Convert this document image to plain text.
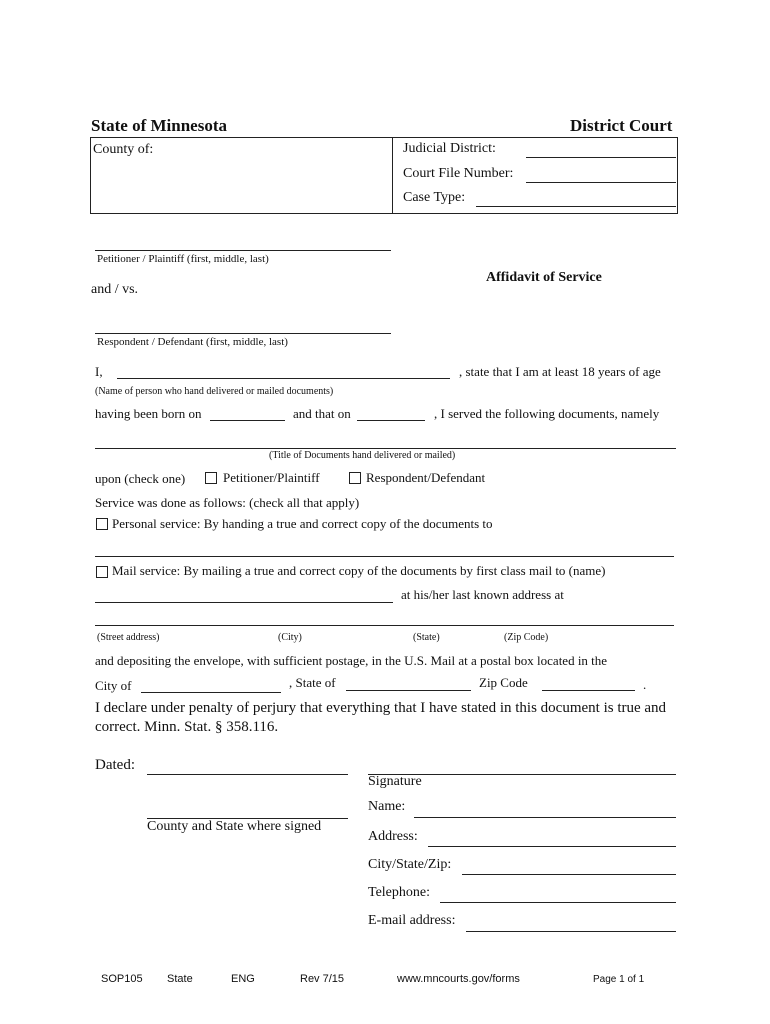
State of Minnesota	District Court
County of:	Judicial District:
Court File Number:
Case Type:
Petitioner / Plaintiff (first, middle, last)
Affidavit of Service
and / vs.
Respondent / Defendant (first, middle, last)
I,	, state that I am at least 18 years of age
(Name of person who hand delivered or mailed documents)
having been born on	and that on	, I served the following documents, namely
(Title of Documents hand delivered or mailed)
upon (check one)	Petitioner/Plaintiff	Respondent/Defendant
Service was done as follows: (check all that apply)
Personal service: By handing a true and correct copy of the documents to
Mail service: By mailing a true and correct copy of the documents by first class mail to (name)
at his/her last known address at
(Street address)	(City)	(State)	(Zip Code)
and depositing the envelope, with sufficient postage, in the U.S. Mail at a postal box located in the
City of	, State of	Zip Code	.
I declare under penalty of perjury that everything that I have stated in this document is true and
correct. Minn. Stat. § 358.116.
Dated:
Signature
Name:
County and State where signed
Address:
City/State/Zip:
Telephone:
E-mail address:
SOP105 State	ENG	Rev 7/15	www.mncourts.gov/forms	Page 1 of 1
